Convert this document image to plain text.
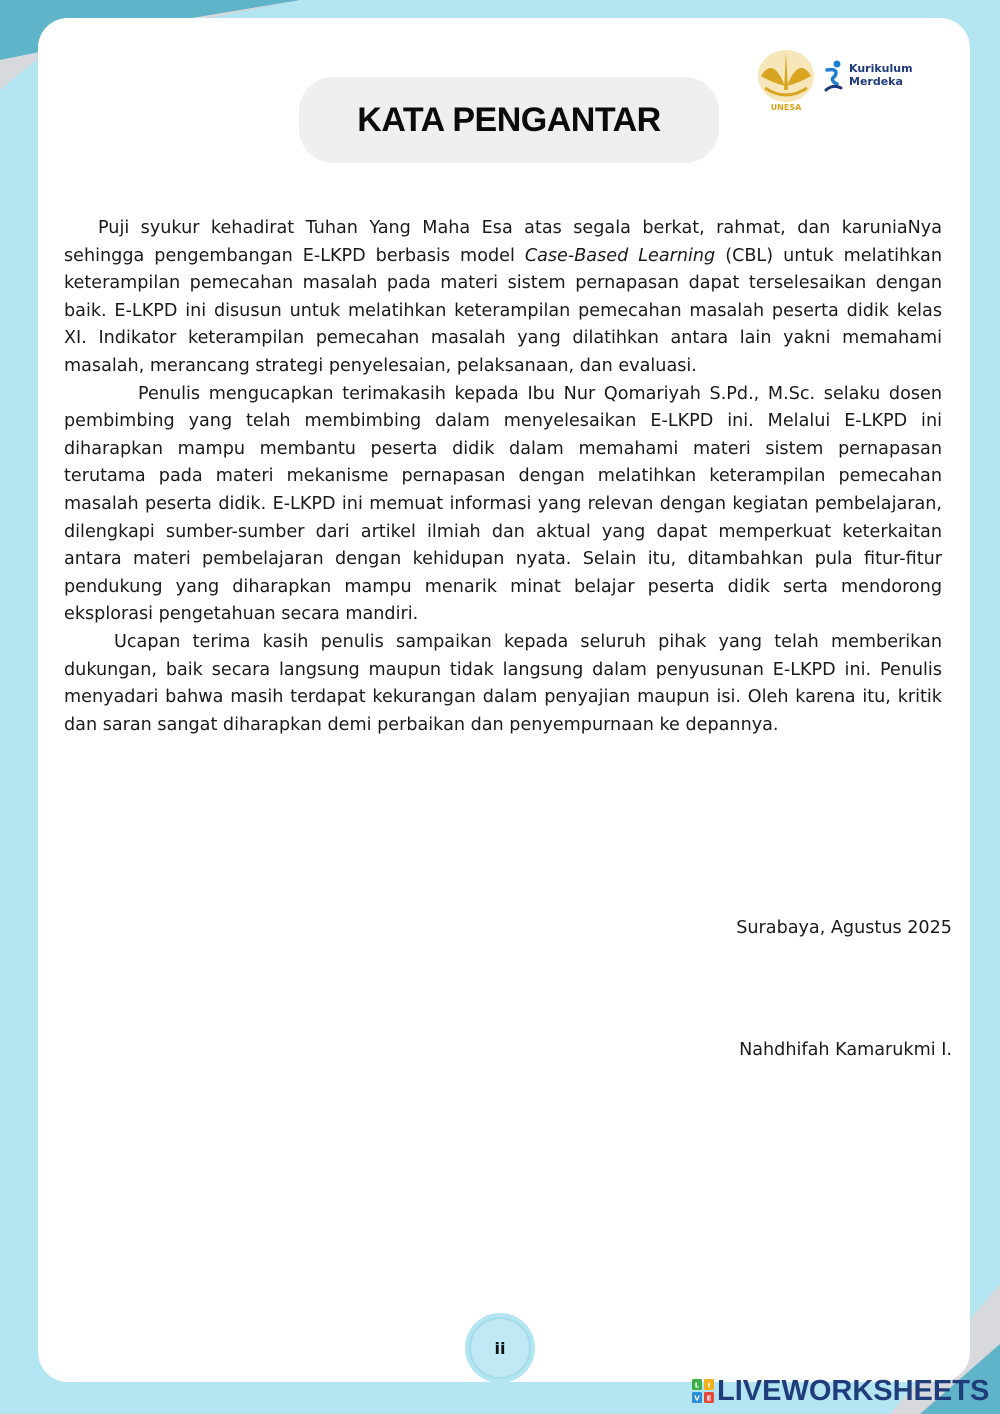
UNESA
Kurikulum
Merdeka
KATA PENGANTAR

Puji syukur kehadirat Tuhan Yang Maha Esa atas segala berkat, rahmat, dan karuniaNya sehingga pengembangan E-LKPD berbasis model Case-Based Learning (CBL) untuk melatihkan keterampilan pemecahan masalah pada materi sistem pernapasan dapat terselesaikan dengan baik. E-LKPD ini disusun untuk melatihkan keterampilan pemecahan masalah peserta didik kelas XI. Indikator keterampilan pemecahan masalah yang dilatihkan antara lain yakni memahami masalah, merancang strategi penyelesaian, pelaksanaan, dan evaluasi.

Penulis mengucapkan terimakasih kepada Ibu Nur Qomariyah S.Pd., M.Sc. selaku dosen pembimbing yang telah membimbing dalam menyelesaikan E-LKPD ini. Melalui E-LKPD ini diharapkan mampu membantu peserta didik dalam memahami materi sistem pernapasan terutama pada materi mekanisme pernapasan dengan melatihkan keterampilan pemecahan masalah peserta didik. E-LKPD ini memuat informasi yang relevan dengan kegiatan pembelajaran, dilengkapi sumber-sumber dari artikel ilmiah dan aktual yang dapat memperkuat keterkaitan antara materi pembelajaran dengan kehidupan nyata. Selain itu, ditambahkan pula fitur-fitur pendukung yang diharapkan mampu menarik minat belajar peserta didik serta mendorong eksplorasi pengetahuan secara mandiri.

Ucapan terima kasih penulis sampaikan kepada seluruh pihak yang telah memberikan dukungan, baik secara langsung maupun tidak langsung dalam penyusunan E-LKPD ini. Penulis menyadari bahwa masih terdapat kekurangan dalam penyajian maupun isi. Oleh karena itu, kritik dan saran sangat diharapkan demi perbaikan dan penyempurnaan ke depannya.

Surabaya, Agustus 2025
Nahdhifah Kamarukmi I.
ii
L I
V E LIVEWORKSHEETS
